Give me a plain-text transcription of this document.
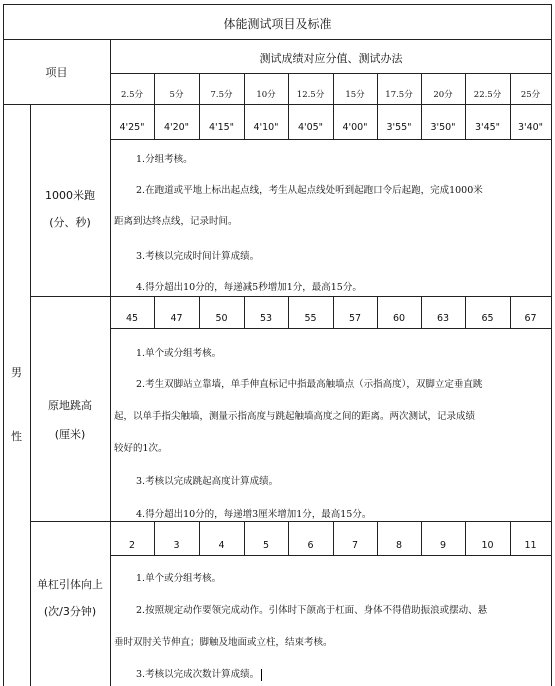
体能测试项目及标准
项目
测试成绩对应分值、测试办法
2.5分	5分	7.5分	10分	12.5分	15分	17.5分	20分	22.5分	25分
男
性
1000米跑
(分、秒)
4'25"	4'20"	4'15"	4'10"	4'05"	4'00"	3'55"	3'50"	3'45"	3'40"
1.分组考核。
2.在跑道或平地上标出起点线，考生从起点线处听到起跑口令后起跑，完成1000米
距离到达终点线，记录时间。
3.考核以完成时间计算成绩。
4.得分超出10分的，每递减5秒增加1分，最高15分。
原地跳高
(厘米)
45	47	50	53	55	57	60	63	65	67
1.单个或分组考核。
2.考生双脚站立靠墙，单手伸直标记中指最高触墙点（示指高度），双脚立定垂直跳
起，以单手指尖触墙，测量示指高度与跳起触墙高度之间的距离。两次测试，记录成绩
较好的1次。
3.考核以完成跳起高度计算成绩。
4.得分超出10分的，每递增3厘米增加1分，最高15分。
单杠引体向上
(次/3分钟)
2	3	4	5	6	7	8	9	10	11
1.单个或分组考核。
2.按照规定动作要领完成动作。引体时下颌高于杠面、身体不得借助振浪或摆动、悬
垂时双肘关节伸直；脚触及地面或立柱，结束考核。
3.考核以完成次数计算成绩。
